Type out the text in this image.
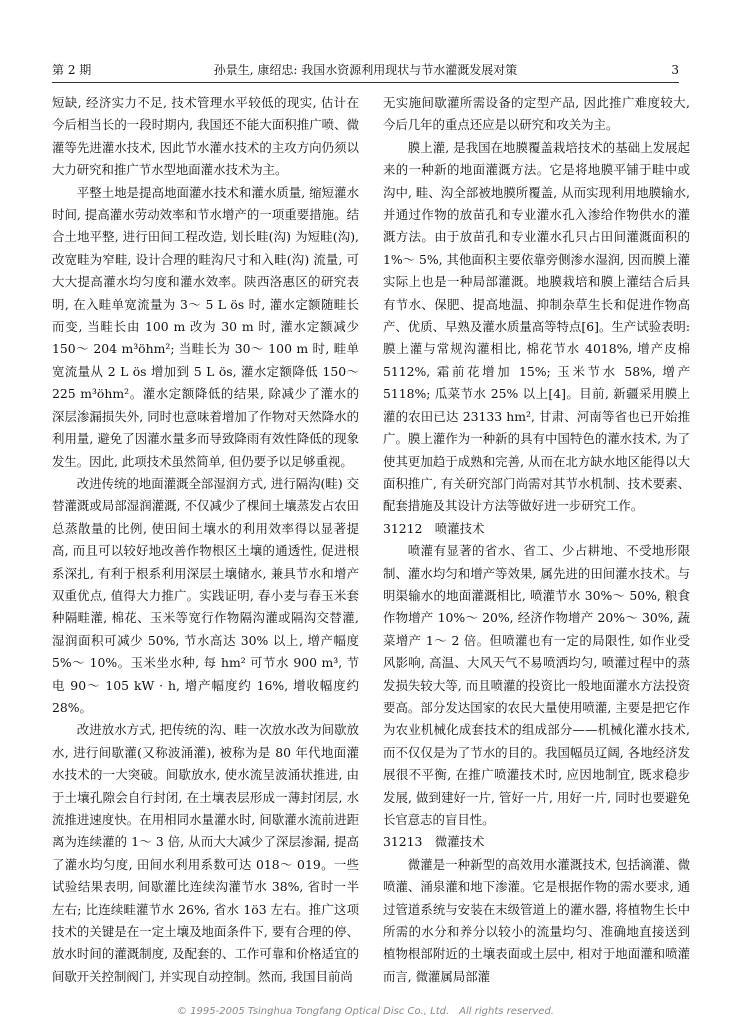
第 2 期	孙景生, 康绍忠: 我国水资源利用现状与节水灌溉发展对策	3

短缺, 经济实力不足, 技术管理水平较低的现实, 估计在今后相当长的一段时期内, 我国还不能大面积推广喷、微灌等先进灌水技术, 因此节水灌水技术的主攻方向仍须以大力研究和推广节水型地面灌水技术为主。

平整土地是提高地面灌水技术和灌水质量, 缩短灌水时间, 提高灌水劳动效率和节水增产的一项重要措施。结合土地平整, 进行田间工程改造, 划长畦(沟) 为短畦(沟), 改宽畦为窄畦, 设计合理的畦沟尺寸和入畦(沟) 流量, 可大大提高灌水均匀度和灌水效率。陕西洛惠区的研究表明, 在入畦单宽流量为 3～ 5 L ös 时, 灌水定额随畦长而变, 当畦长由 100 m 改为 30 m 时, 灌水定额减少 150～ 204 m³öhm²; 当畦长为 30～ 100 m 时, 畦单宽流量从 2 L ös 增加到 5 L ös, 灌水定额降低 150～ 225 m³öhm²。灌水定额降低的结果, 除减少了灌水的深层渗漏损失外, 同时也意味着增加了作物对天然降水的利用量, 避免了因灌水量多而导致降雨有效性降低的现象发生。因此, 此项技术虽然简单, 但仍要予以足够重视。

改进传统的地面灌溉全部湿润方式, 进行隔沟(畦) 交替灌溉或局部湿润灌溉, 不仅减少了棵间土壤蒸发占农田总蒸散量的比例, 使田间土壤水的利用效率得以显著提高, 而且可以较好地改善作物根区土壤的通透性, 促进根系深扎, 有利于根系利用深层土壤储水, 兼具节水和增产双重优点, 值得大力推广。实践证明, 春小麦与春玉米套种隔畦灌, 棉花、玉米等宽行作物隔沟灌或隔沟交替灌, 湿润面积可减少 50%, 节水高达 30% 以上, 增产幅度 5%～ 10%。玉米坐水种, 每 hm² 可节水 900 m³, 节电 90～ 105 kW · h, 增产幅度约 16%, 增收幅度约 28%。

改进放水方式, 把传统的沟、畦一次放水改为间歇放水, 进行间歇灌(又称波涌灌), 被称为是 80 年代地面灌水技术的一大突破。间歇放水, 使水流呈波涌状推进, 由于土壤孔隙会自行封闭, 在土壤表层形成一薄封闭层, 水流推进速度快。在用相同水量灌水时, 间歇灌水流前进距离为连续灌的 1～ 3 倍, 从而大大减少了深层渗漏, 提高了灌水均匀度, 田间水利用系数可达 018～ 019。一些试验结果表明, 间歇灌比连续沟灌节水 38%, 省时一半左右; 比连续畦灌节水 26%, 省水 1ö3 左右。推广这项技术的关键是在一定土壤及地面条件下, 要有合理的停、放水时间的灌溉制度, 及配套的、工作可靠和价格适宜的间歇开关控制阀门, 并实现自动控制。然而, 我国目前尚

无实施间歇灌所需设备的定型产品, 因此推广难度较大, 今后几年的重点还应是以研究和攻关为主。

膜上灌, 是我国在地膜覆盖栽培技术的基础上发展起来的一种新的地面灌溉方法。它是将地膜平铺于畦中或沟中, 畦、沟全部被地膜所覆盖, 从而实现利用地膜输水, 并通过作物的放苗孔和专业灌水孔入渗给作物供水的灌溉方法。由于放苗孔和专业灌水孔只占田间灌溉面积的 1%～ 5%, 其他面积主要依靠旁侧渗水湿润, 因而膜上灌实际上也是一种局部灌溉。地膜栽培和膜上灌结合后具有节水、保肥、提高地温、抑制杂草生长和促进作物高产、优质、早熟及灌水质量高等特点[6]。生产试验表明: 膜上灌与常规沟灌相比, 棉花节水 4018%, 增产皮棉 5112%, 霜前花增加 15%; 玉米节水 58%, 增产 5118%; 瓜菜节水 25% 以上[4]。目前, 新疆采用膜上灌的农田已达 23133 hm², 甘肃、河南等省也已开始推广。膜上灌作为一种新的具有中国特色的灌水技术, 为了使其更加趋于成熟和完善, 从而在北方缺水地区能得以大面积推广, 有关研究部门尚需对其节水机制、技术要素、配套措施及其设计方法等做好进一步研究工作。

31212　喷灌技术

喷灌有显著的省水、省工、少占耕地、不受地形限制、灌水均匀和增产等效果, 属先进的田间灌水技术。与明渠输水的地面灌溉相比, 喷灌节水 30%～ 50%, 粮食作物增产 10%～ 20%, 经济作物增产 20%～ 30%, 蔬菜增产 1～ 2 倍。但喷灌也有一定的局限性, 如作业受风影响, 高温、大风天气不易喷洒均匀, 喷灌过程中的蒸发损失较大等, 而且喷灌的投资比一般地面灌水方法投资要高。部分发达国家的农民大量使用喷灌, 主要是把它作为农业机械化成套技术的组成部分——机械化灌水技术, 而不仅仅是为了节水的目的。我国幅员辽阔, 各地经济发展很不平衡, 在推广喷灌技术时, 应因地制宜, 既求稳步发展, 做到建好一片, 管好一片, 用好一片, 同时也要避免长官意志的盲目性。

31213　微灌技术

微灌是一种新型的高效用水灌溉技术, 包括滴灌、微喷灌、涌泉灌和地下渗灌。它是根据作物的需水要求, 通过管道系统与安装在末级管道上的灌水器, 将植物生长中所需的水分和养分以较小的流量均匀、准确地直接送到植物根部附近的土壤表面或土层中, 相对于地面灌和喷灌而言, 微灌属局部灌

© 1995-2005 Tsinghua Tongfang Optical Disc Co., Ltd.　All rights reserved.
